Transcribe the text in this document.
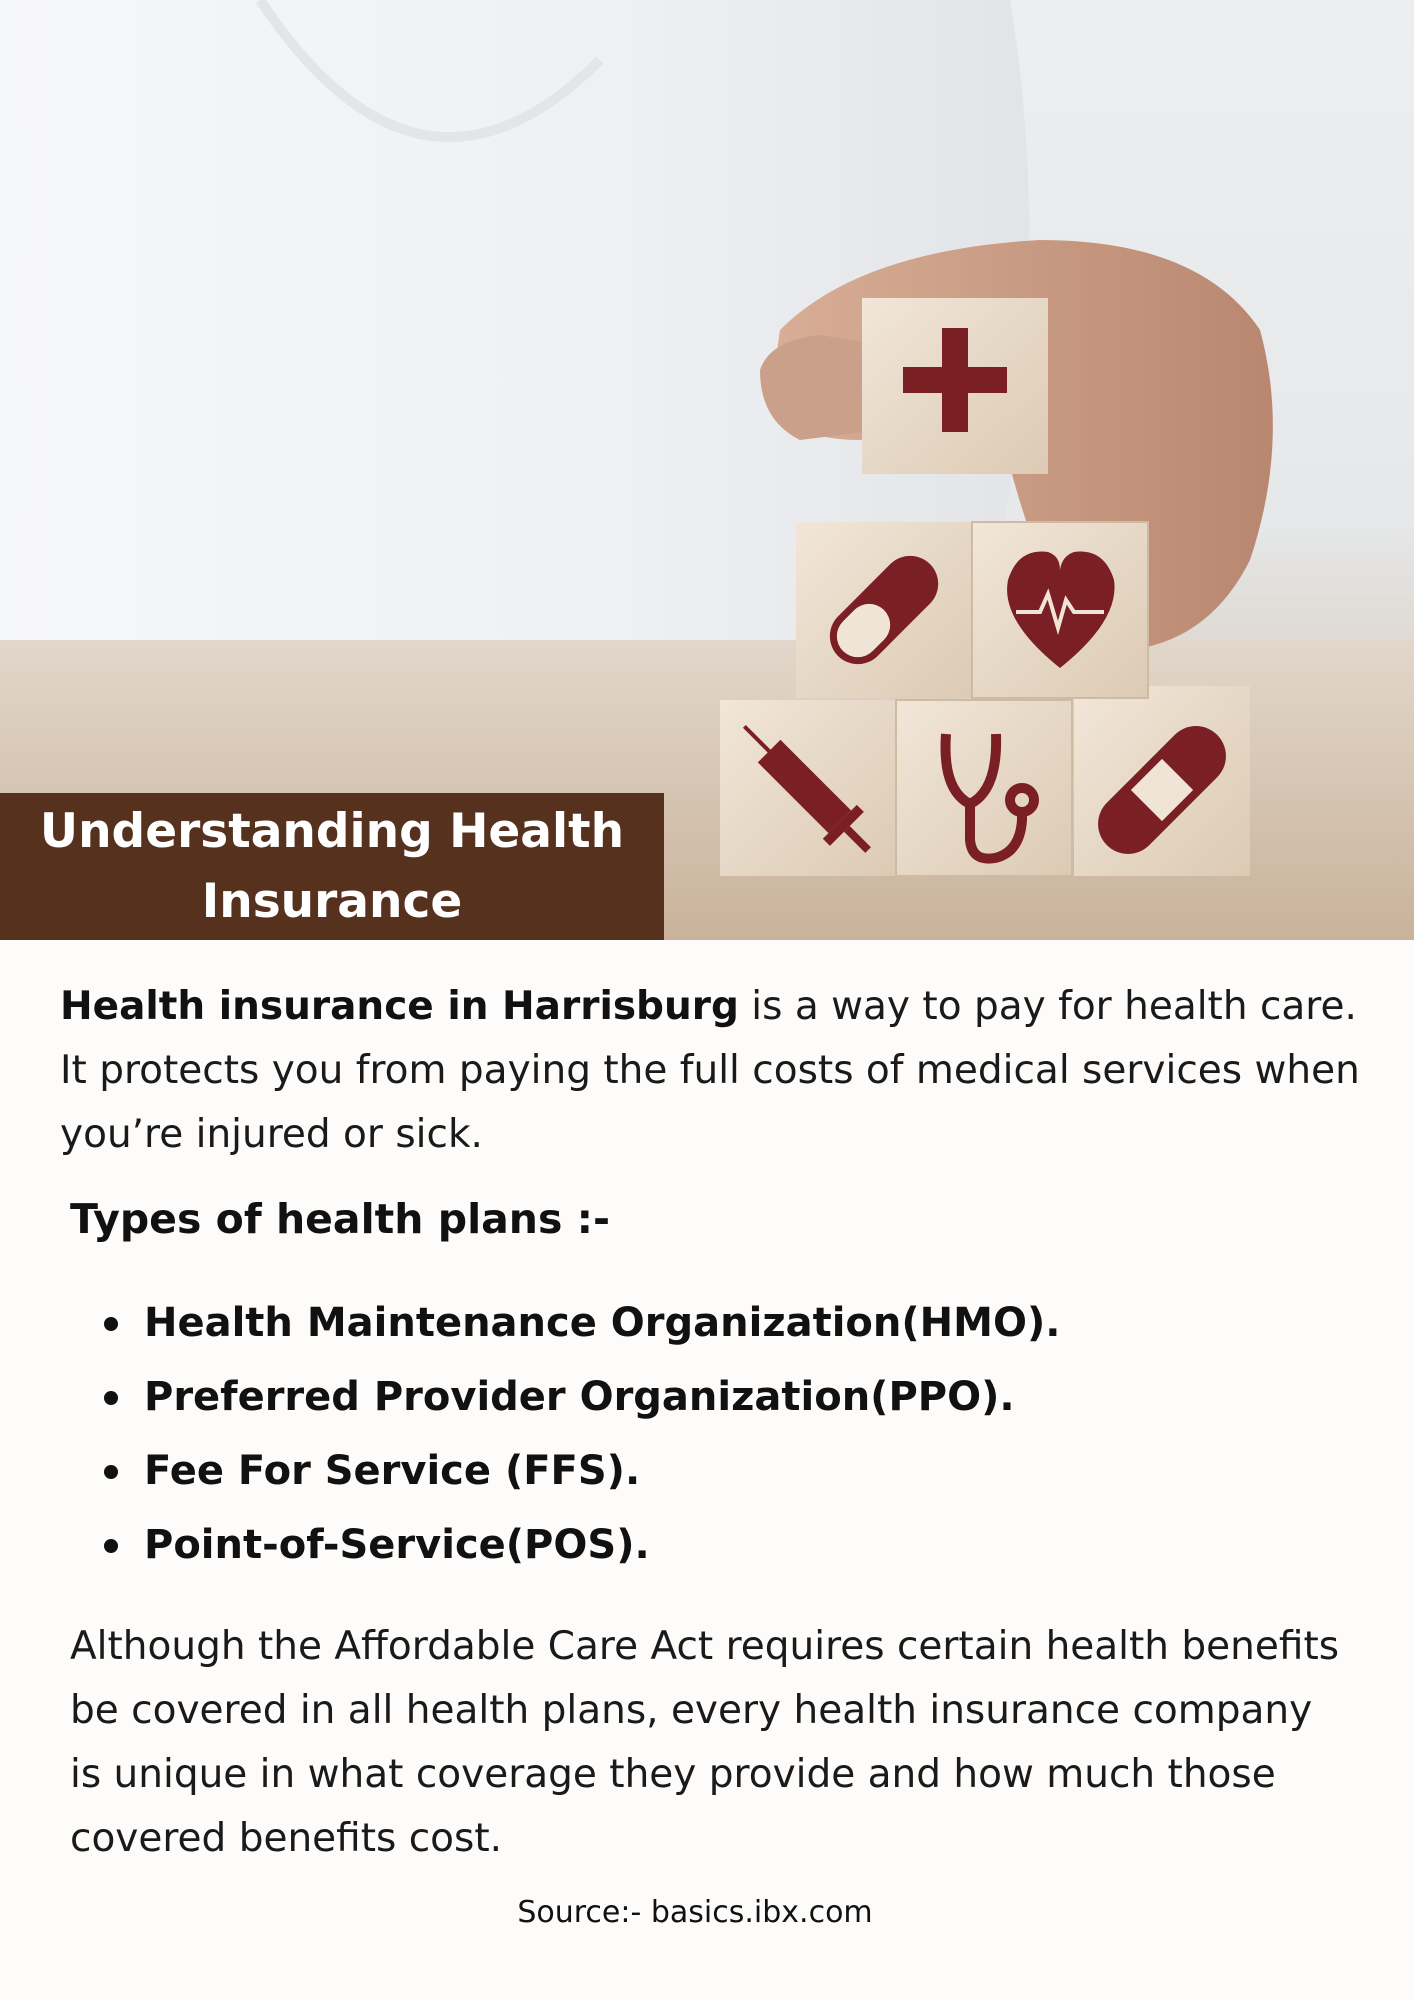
Understanding Health Insurance
Health insurance in Harrisburg is a way to pay for health care. It protects you from paying the full costs of medical services when you’re injured or sick.
Types of health plans :-
Health Maintenance Organization(HMO).
Preferred Provider Organization(PPO).
Fee For Service (FFS).
Point-of-Service(POS).
Although the Affordable Care Act requires certain health benefits be covered in all health plans, every health insurance company is unique in what coverage they provide and how much those covered benefits cost.
Source:- basics.ibx.com
